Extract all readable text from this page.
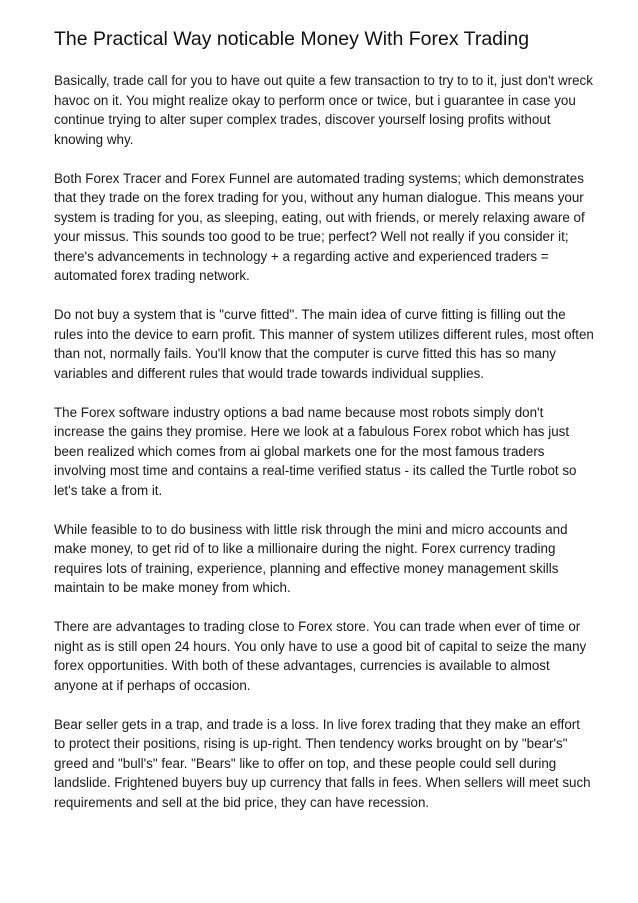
The Practical Way noticable Money With Forex Trading

Basically, trade call for you to have out quite a few transaction to try to to it, just don't wreck havoc on it. You might realize okay to perform once or twice, but i guarantee in case you continue trying to alter super complex trades, discover yourself losing profits without knowing why.

Both Forex Tracer and Forex Funnel are automated trading systems; which demonstrates that they trade on the forex trading for you, without any human dialogue. This means your system is trading for you, as sleeping, eating, out with friends, or merely relaxing aware of your missus. This sounds too good to be true; perfect? Well not really if you consider it; there's advancements in technology + a regarding active and experienced traders = automated forex trading network.

Do not buy a system that is "curve fitted". The main idea of curve fitting is filling out the rules into the device to earn profit. This manner of system utilizes different rules, most often than not, normally fails. You'll know that the computer is curve fitted this has so many variables and different rules that would trade towards individual supplies.

The Forex software industry options a bad name because most robots simply don't increase the gains they promise. Here we look at a fabulous Forex robot which has just been realized which comes from ai global markets one for the most famous traders involving most time and contains a real-time verified status - its called the Turtle robot so let's take a from it.

While feasible to to do business with little risk through the mini and micro accounts and make money, to get rid of to like a millionaire during the night. Forex currency trading requires lots of training, experience, planning and effective money management skills maintain to be make money from which.

There are advantages to trading close to Forex store. You can trade when ever of time or night as is still open 24 hours. You only have to use a good bit of capital to seize the many forex opportunities. With both of these advantages, currencies is available to almost anyone at if perhaps of occasion.

Bear seller gets in a trap, and trade is a loss. In live forex trading that they make an effort to protect their positions, rising is up-right. Then tendency works brought on by "bear's" greed and "bull's" fear. "Bears" like to offer on top, and these people could sell during landslide. Frightened buyers buy up currency that falls in fees. When sellers will meet such requirements and sell at the bid price, they can have recession.
